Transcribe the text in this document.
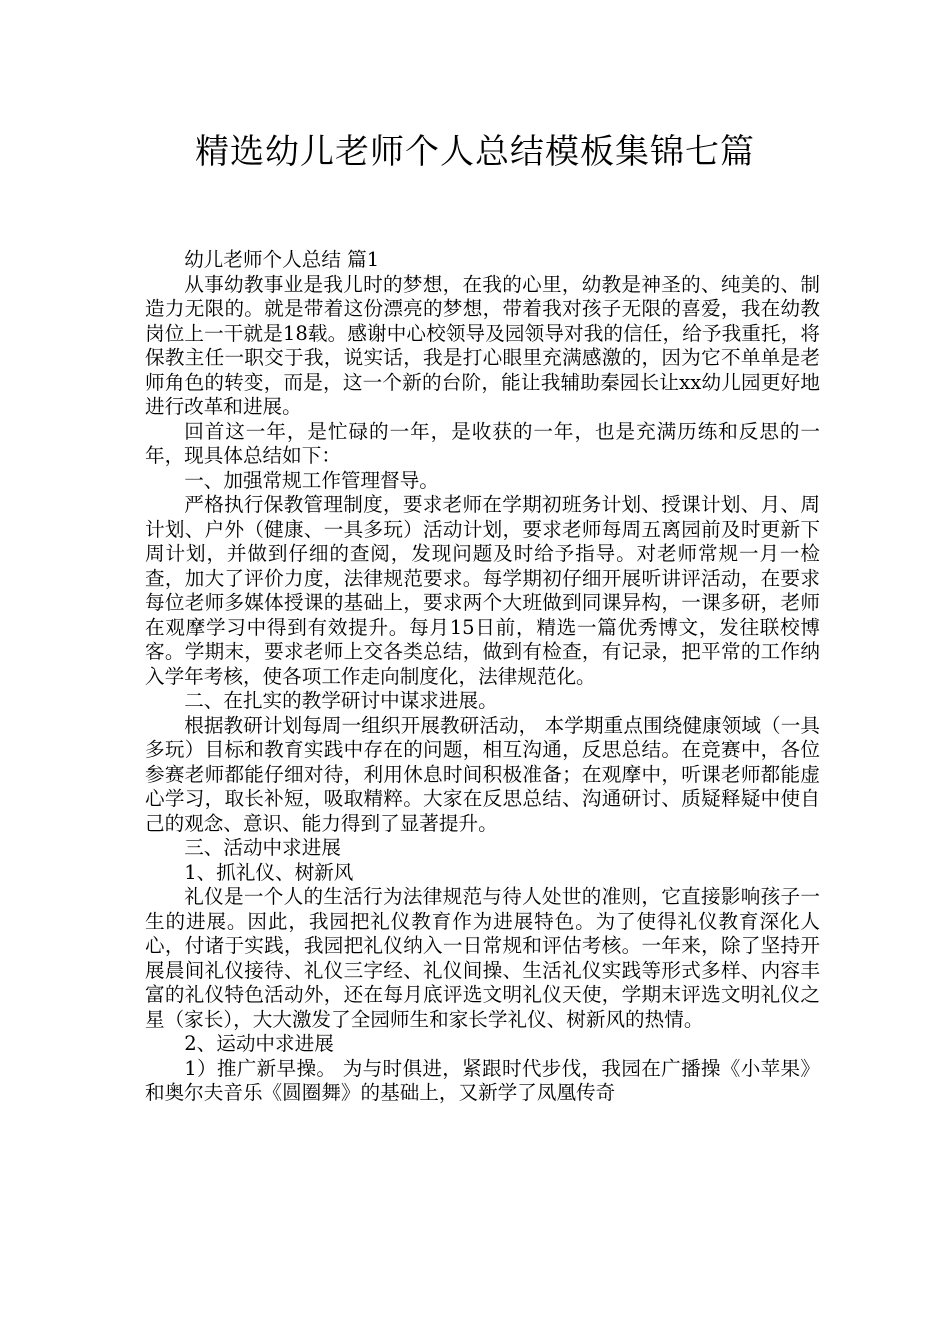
精选幼儿老师个人总结模板集锦七篇

幼儿老师个人总结 篇1

从事幼教事业是我儿时的梦想，在我的心里，幼教是神圣的、纯美的、制造力无限的。就是带着这份漂亮的梦想，带着我对孩子无限的喜爱，我在幼教岗位上一干就是18载。感谢中心校领导及园领导对我的信任，给予我重托，将保教主任一职交于我，说实话，我是打心眼里充满感激的，因为它不单单是老师角色的转变，而是，这一个新的台阶，能让我辅助秦园长让xx幼儿园更好地进行改革和进展。

回首这一年，是忙碌的一年，是收获的一年，也是充满历练和反思的一年，现具体总结如下：

一、加强常规工作管理督导。

严格执行保教管理制度，要求老师在学期初班务计划、授课计划、月、周计划、户外（健康、一具多玩）活动计划，要求老师每周五离园前及时更新下周计划，并做到仔细的查阅，发现问题及时给予指导。对老师常规一月一检查，加大了评价力度，法律规范要求。每学期初仔细开展听讲评活动，在要求每位老师多媒体授课的基础上，要求两个大班做到同课异构，一课多研，老师在观摩学习中得到有效提升。每月15日前，精选一篇优秀博文，发往联校博客。学期末，要求老师上交各类总结，做到有检查，有记录，把平常的工作纳入学年考核，使各项工作走向制度化，法律规范化。

二、在扎实的教学研讨中谋求进展。

根据教研计划每周一组织开展教研活动， 本学期重点围绕健康领域（一具多玩）目标和教育实践中存在的问题，相互沟通，反思总结。在竞赛中，各位参赛老师都能仔细对待，利用休息时间积极准备；在观摩中，听课老师都能虚心学习，取长补短，吸取精粹。大家在反思总结、沟通研讨、质疑释疑中使自己的观念、意识、能力得到了显著提升。

三、活动中求进展

1、抓礼仪、树新风

礼仪是一个人的生活行为法律规范与待人处世的准则，它直接影响孩子一生的进展。因此，我园把礼仪教育作为进展特色。为了使得礼仪教育深化人心，付诸于实践，我园把礼仪纳入一日常规和评估考核。一年来，除了坚持开展晨间礼仪接待、礼仪三字经、礼仪间操、生活礼仪实践等形式多样、内容丰富的礼仪特色活动外，还在每月底评选文明礼仪天使，学期末评选文明礼仪之星（家长），大大激发了全园师生和家长学礼仪、树新风的热情。

2、运动中求进展

1）推广新早操。 为与时俱进，紧跟时代步伐，我园在广播操《小苹果》和奥尔夫音乐《圆圈舞》的基础上，又新学了凤凰传奇
